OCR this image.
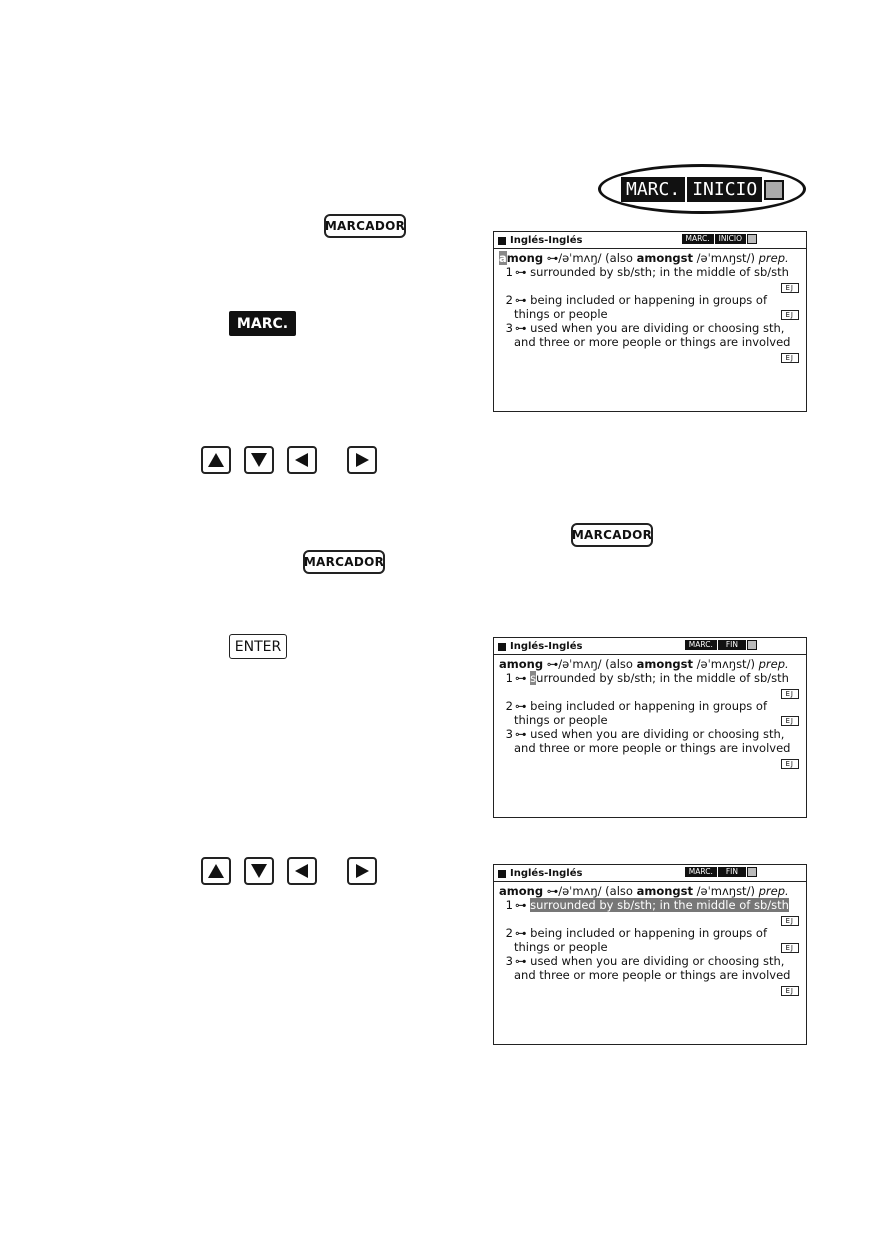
MARCADOR
MARC.
MARCADOR
MARCADOR
ENTER
MARC. INICIO
Inglés-Inglés	MARC.	INICIO
among ⊶/əˈmʌŋ/ (also amongst /əˈmʌŋst/) prep.
1 ⊶ surrounded by sb/sth; in the middle of sb/sth
EJ
2 ⊶ being included or happening in groups of
things or people	EJ
3 ⊶ used when you are dividing or choosing sth,
and three or more people or things are involved
EJ
Inglés-Inglés	MARC.	FIN
among ⊶/əˈmʌŋ/ (also amongst /əˈmʌŋst/) prep.
1 ⊶ surrounded by sb/sth; in the middle of sb/sth
EJ
2 ⊶ being included or happening in groups of
things or people	EJ
3 ⊶ used when you are dividing or choosing sth,
and three or more people or things are involved
EJ
Inglés-Inglés	MARC.	FIN
among ⊶/əˈmʌŋ/ (also amongst /əˈmʌŋst/) prep.
1 ⊶ surrounded by sb/sth; in the middle of sb/sth
EJ
2 ⊶ being included or happening in groups of
things or people	EJ
3 ⊶ used when you are dividing or choosing sth,
and three or more people or things are involved
EJ
